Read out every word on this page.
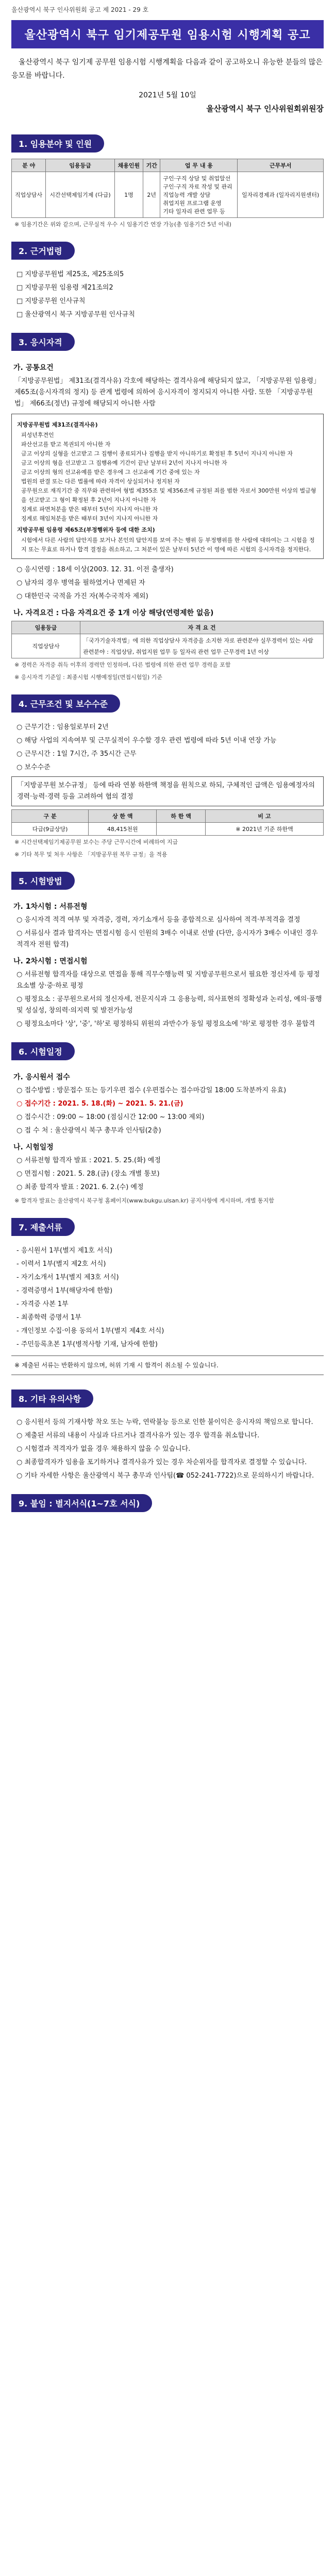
울산광역시 북구 인사위원회 공고 제 2021 - 29 호
울산광역시 북구 임기제공무원 임용시험 시행계획 공고

울산광역시 북구 임기제 공무원 임용시험 시행계획을 다음과 같이 공고하오니 유능한 분들의 많은 응모를 바랍니다.

2021년 5월 10일
울산광역시 북구 인사위원회위원장
1. 임용분야 및 인원
분 야	임용등급	채용인원	기간	업 무 내 용	근무부서
직업상담사	시간선택제임기제 (다급)	1명	2년	구인·구직 상담 및 취업알선
구인·구직 자료 작성 및 관리
직업능력 개발 상담
취업지원 프로그램 운영
기타 일자리 관련 업무 등	일자리경제과 (일자리지원센터)
※ 임용기간은 위와 같으며, 근무실적 우수 시 임용기간 연장 가능(총 임용기간 5년 이내)
2. 근거법령
□ 지방공무원법 제25조, 제25조의5
□ 지방공무원 임용령 제21조의2
□ 지방공무원 인사규칙
□ 울산광역시 북구 지방공무원 인사규칙
3. 응시자격
가. 공통요건

「지방공무원법」 제31조(결격사유) 각호에 해당하는 결격사유에 해당되지 않고, 「지방공무원 임용령」 제65조(응시자격의 정지) 등 관계 법령에 의하여 응시자격이 정지되지 아니한 사람. 또한 「지방공무원법」 제66조(정년) 규정에 해당되지 아니한 사람

지방공무원법 제31조(결격사유)
피성년후견인
파산선고를 받고 복권되지 아니한 자
금고 이상의 실형을 선고받고 그 집행이 종료되거나 집행을 받지 아니하기로 확정된 후 5년이 지나지 아니한 자
금고 이상의 형을 선고받고 그 집행유예 기간이 끝난 날부터 2년이 지나지 아니한 자
금고 이상의 형의 선고유예를 받은 경우에 그 선고유예 기간 중에 있는 자
법원의 판결 또는 다른 법률에 따라 자격이 상실되거나 정지된 자
공무원으로 재직기간 중 직무와 관련하여 형법 제355조 및 제356조에 규정된 죄를 범한 자로서 300만원 이상의 벌금형을 선고받고 그 형이 확정된 후 2년이 지나지 아니한 자
징계로 파면처분을 받은 때부터 5년이 지나지 아니한 자
징계로 해임처분을 받은 때부터 3년이 지나지 아니한 자
지방공무원 임용령 제65조(부정행위자 등에 대한 조치)
시험에서 다른 사람의 답안지를 보거나 본인의 답안지를 보여 주는 행위 등 부정행위를 한 사람에 대하여는 그 시험을 정지 또는 무효로 하거나 합격 결정을 취소하고, 그 처분이 있은 날부터 5년간 이 영에 따른 시험의 응시자격을 정지한다.
○ 응시연령 : 18세 이상(2003. 12. 31. 이전 출생자)
○ 남자의 경우 병역을 필하였거나 면제된 자
○ 대한민국 국적을 가진 자(복수국적자 제외)
나. 자격요건 : 다음 자격요건 중 1개 이상 해당(연령제한 없음)
임용등급	자 격 요 건
직업상담사	「국가기술자격법」에 의한 직업상담사 자격증을 소지한 자로 관련분야 실무경력이 있는 사람
관련분야 : 직업상담, 취업지원 업무 등 일자리 관련 업무 근무경력 1년 이상
※ 경력은 자격증 취득 이후의 경력만 인정하며, 다른 법령에 의한 관련 업무 경력을 포함
※ 응시자격 기준일 : 최종시험 시행예정일(면접시험일) 기준
4. 근무조건 및 보수수준
○ 근무기간 : 임용일로부터 2년
○ 해당 사업의 지속여부 및 근무실적이 우수할 경우 관련 법령에 따라 5년 이내 연장 가능
○ 근무시간 : 1일 7시간, 주 35시간 근무
○ 보수수준
「지방공무원 보수규정」 등에 따라 연봉 하한액 책정을 원칙으로 하되, 구체적인 급액은 임용예정자의 경력·능력·경력 등을 고려하여 협의 결정
구 분	상 한 액	하 한 액	비 고
다급(9급상당)	48,415천원		※ 2021년 기준 하한액
※ 시간선택제임기제공무원 보수는 주당 근무시간에 비례하여 지급
※ 기타 복무 및 처우 사항은 「지방공무원 복무 규정」을 적용
5. 시험방법
가. 1차시험 : 서류전형
○ 응시자격 적격 여부 및 자격증, 경력, 자기소개서 등을 종합적으로 심사하여 적격·부적격을 결정
○ 서류심사 결과 합격자는 면접시험 응시 인원의 3배수 이내로 선발 (다만, 응시자가 3배수 이내인 경우 적격자 전원 합격)
나. 2차시험 : 면접시험
○ 서류전형 합격자를 대상으로 면접을 통해 직무수행능력 및 지방공무원으로서 필요한 정신자세 등 평정요소별 상·중·하로 평정
○ 평정요소 : 공무원으로서의 정신자세, 전문지식과 그 응용능력, 의사표현의 정확성과 논리성, 예의·품행 및 성실성, 창의력·의지력 및 발전가능성
○ 평정요소마다 '상', '중', '하'로 평정하되 위원의 과반수가 동일 평정요소에 '하'로 평정한 경우 불합격
6. 시험일정
가. 응시원서 접수
○ 접수방법 : 방문접수 또는 등기우편 접수 (우편접수는 접수마감일 18:00 도착분까지 유효)
○ 접수기간 : 2021. 5. 18.(화) ~ 2021. 5. 21.(금)
○ 접수시간 : 09:00 ~ 18:00 (점심시간 12:00 ~ 13:00 제외)
○ 접 수 처 : 울산광역시 북구 총무과 인사팀(2층)
나. 시험일정
○ 서류전형 합격자 발표 : 2021. 5. 25.(화) 예정
○ 면접시험 : 2021. 5. 28.(금) (장소 개별 통보)
○ 최종 합격자 발표 : 2021. 6. 2.(수) 예정
※ 합격자 발표는 울산광역시 북구청 홈페이지(www.bukgu.ulsan.kr) 공지사항에 게시하며, 개별 통지함
7. 제출서류
- 응시원서 1부(별지 제1호 서식)
- 이력서 1부(별지 제2호 서식)
- 자기소개서 1부(별지 제3호 서식)
- 경력증명서 1부(해당자에 한함)
- 자격증 사본 1부
- 최종학력 증명서 1부
- 개인정보 수집·이용 동의서 1부(별지 제4호 서식)
- 주민등록초본 1부(병적사항 기재, 남자에 한함)
※ 제출된 서류는 반환하지 않으며, 허위 기재 시 합격이 취소될 수 있습니다.
8. 기타 유의사항
○ 응시원서 등의 기재사항 착오 또는 누락, 연락불능 등으로 인한 불이익은 응시자의 책임으로 합니다.
○ 제출된 서류의 내용이 사실과 다르거나 결격사유가 있는 경우 합격을 취소합니다.
○ 시험결과 적격자가 없을 경우 채용하지 않을 수 있습니다.
○ 최종합격자가 임용을 포기하거나 결격사유가 있는 경우 차순위자를 합격자로 결정할 수 있습니다.
○ 기타 자세한 사항은 울산광역시 북구 총무과 인사팀(☎ 052-241-7722)으로 문의하시기 바랍니다.
9. 붙임 : 별지서식(1~7호 서식)
